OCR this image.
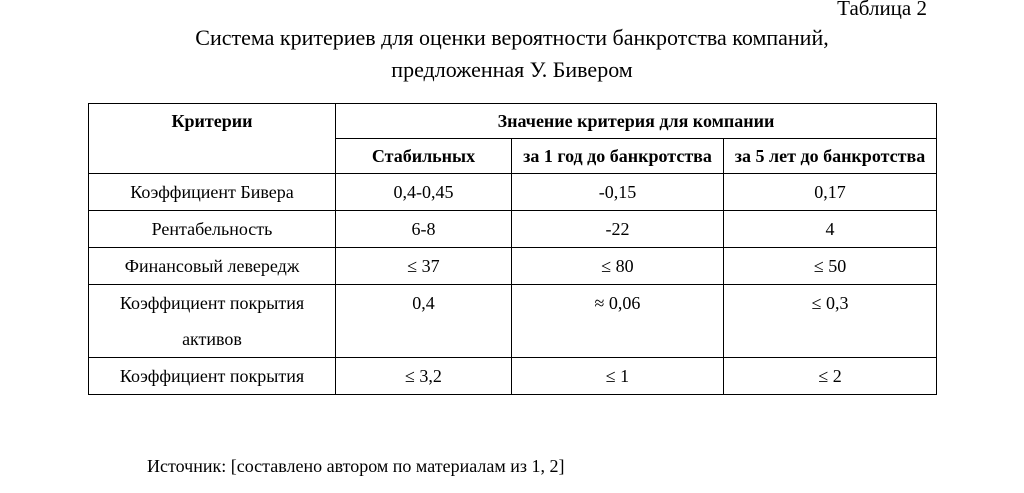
Таблица 2
Система критериев для оценки вероятности банкротства компаний,
предложенная У. Бивером
Критерии	Значение критерия для компании		
	Стабильных	за 1 год до банкротства	за 5 лет до банкротства
Коэффициент Бивера	0,4-0,45	-0,15	0,17
Рентабельность	6-8	-22	4
Финансовый левередж	≤ 37	≤ 80	≤ 50
Коэффициент покрытия активов	0,4	≈ 0,06	≤ 0,3
Коэффициент покрытия	≤ 3,2	≤ 1	≤ 2
Источник: [составлено автором по материалам из 1, 2]
